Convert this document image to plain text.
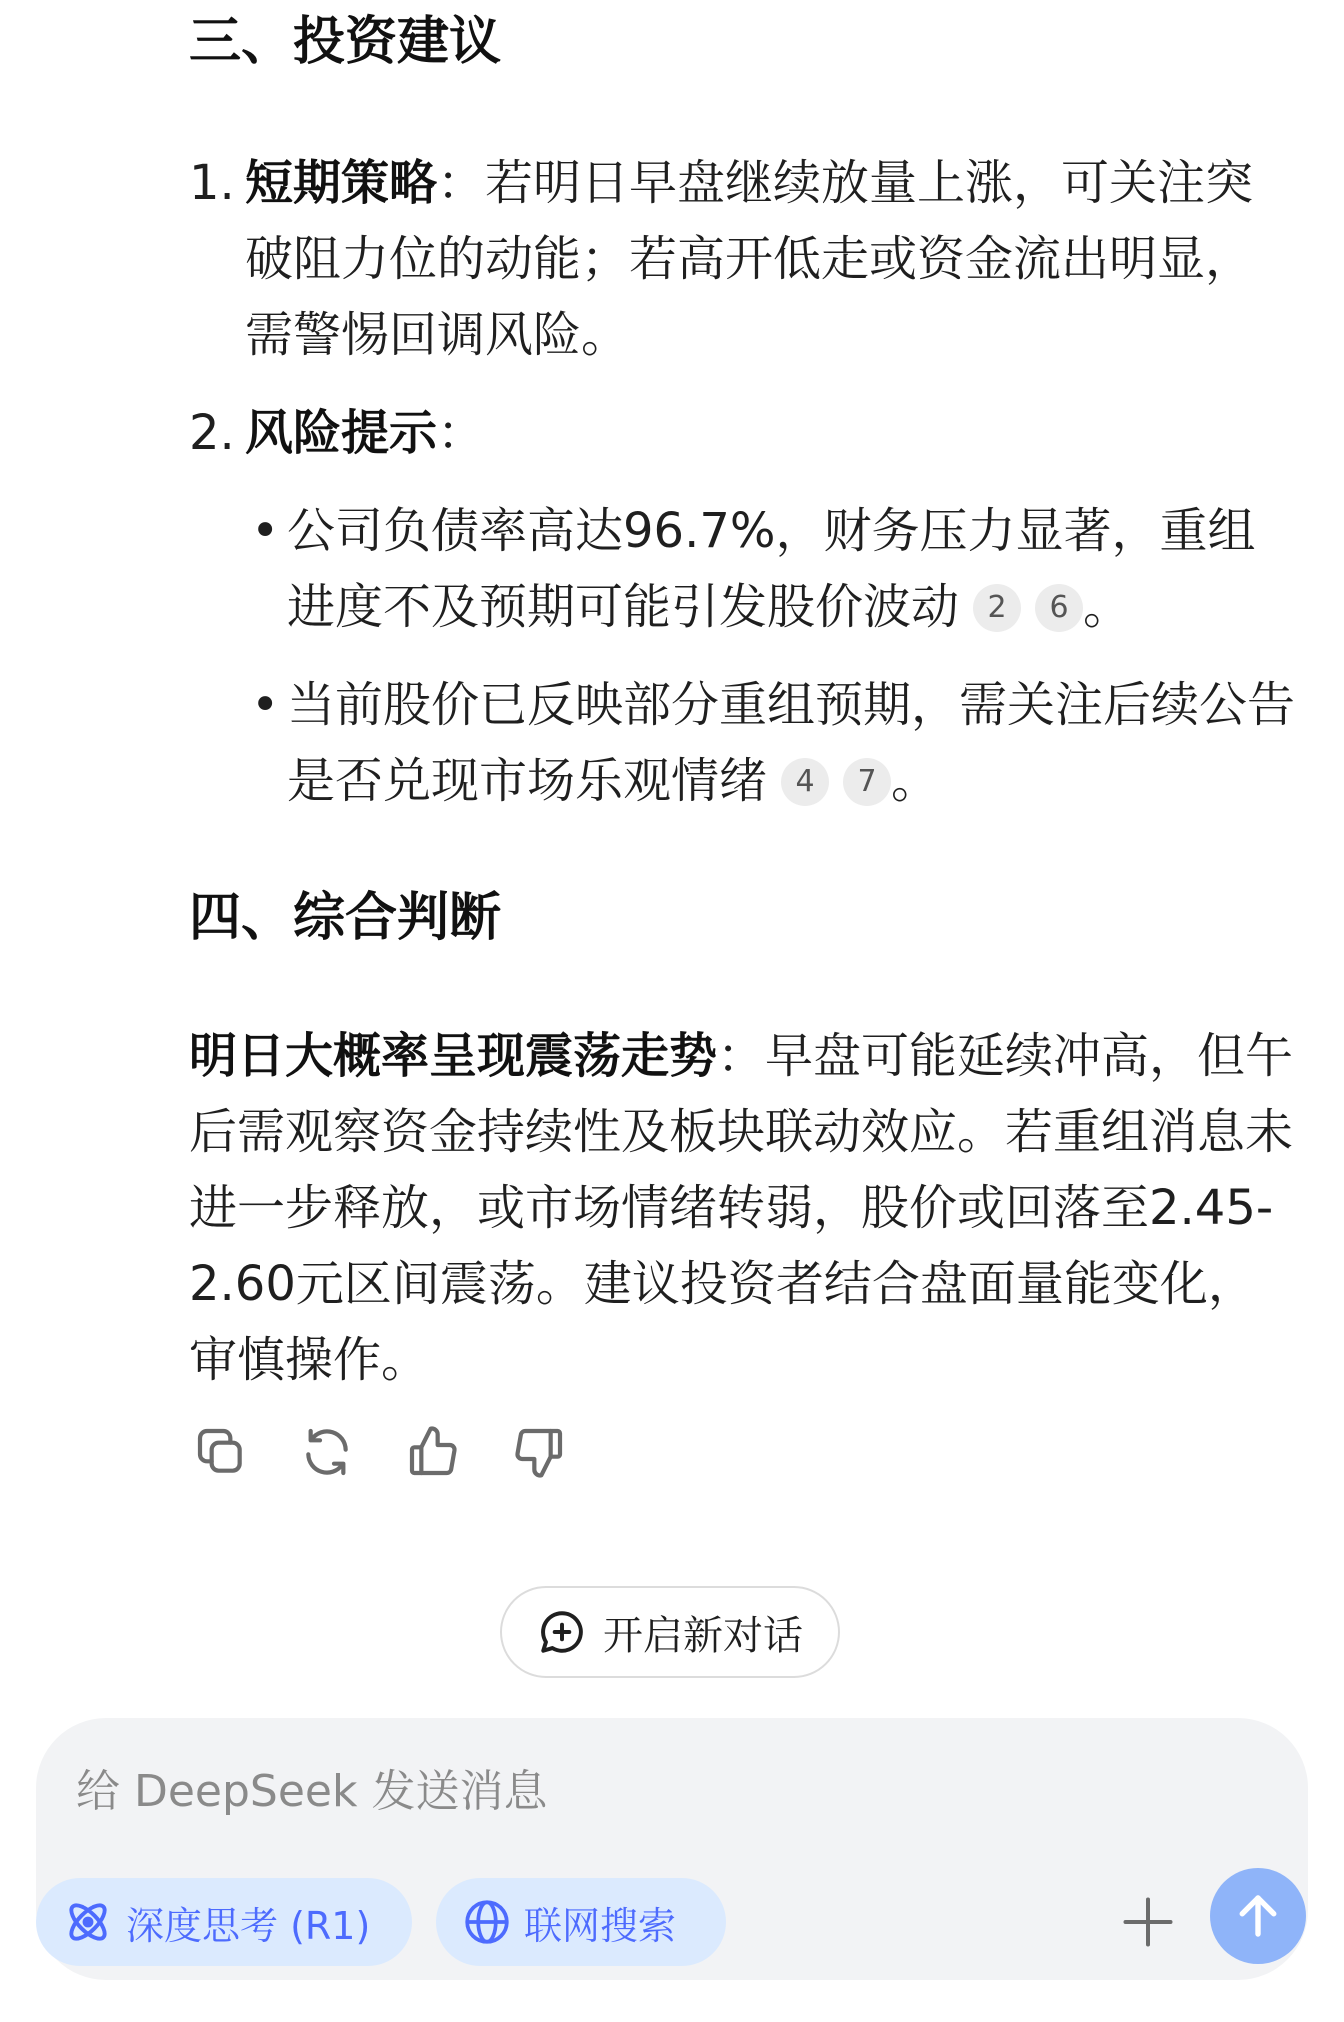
三、投资建议
1. 短期策略：若明日早盘继续放量上涨，可关注突破阻力位的动能；若高开低走或资金流出明显，需警惕回调风险。
2. 风险提示：
• 公司负债率高达96.7%，财务压力显著，重组进度不及预期可能引发股价波动 2 6 。
• 当前股价已反映部分重组预期，需关注后续公告是否兑现市场乐观情绪 4 7 。
四、综合判断
明日大概率呈现震荡走势：早盘可能延续冲高，但午后需观察资金持续性及板块联动效应。若重组消息未进一步释放，或市场情绪转弱，股价或回落至2.45-2.60元区间震荡。建议投资者结合盘面量能变化，审慎操作。
开启新对话
给 DeepSeek 发送消息
深度思考 (R1)	联网搜索
